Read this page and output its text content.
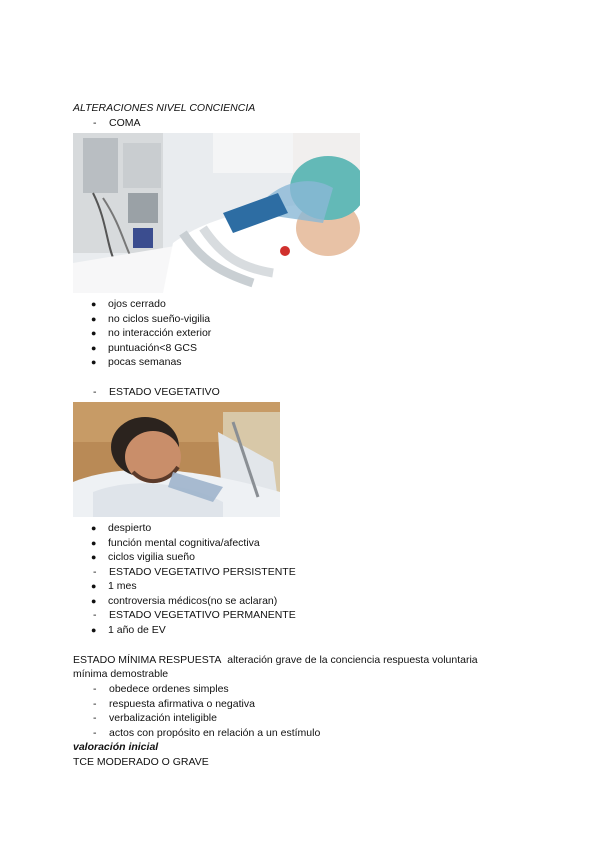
ALTERACIONES NIVEL CONCIENCIA
- COMA
● ojos cerrado
● no ciclos sueño-vigilia
● no interacción exterior
● puntuación<8 GCS
● pocas semanas
- ESTADO VEGETATIVO
● despierto
● función mental cognitiva/afectiva
● ciclos vigilia sueño
- ESTADO VEGETATIVO PERSISTENTE
● 1 mes
● controversia médicos(no se aclaran)
- ESTADO VEGETATIVO PERMANENTE
● 1 año de EV
ESTADO MÍNIMA RESPUESTA alteración grave de la conciencia respuesta voluntaria
mínima demostrable
- obedece ordenes simples
- respuesta afirmativa o negativa
- verbalización inteligible
- actos con propósito en relación a un estímulo
valoración inicial
TCE MODERADO O GRAVE
